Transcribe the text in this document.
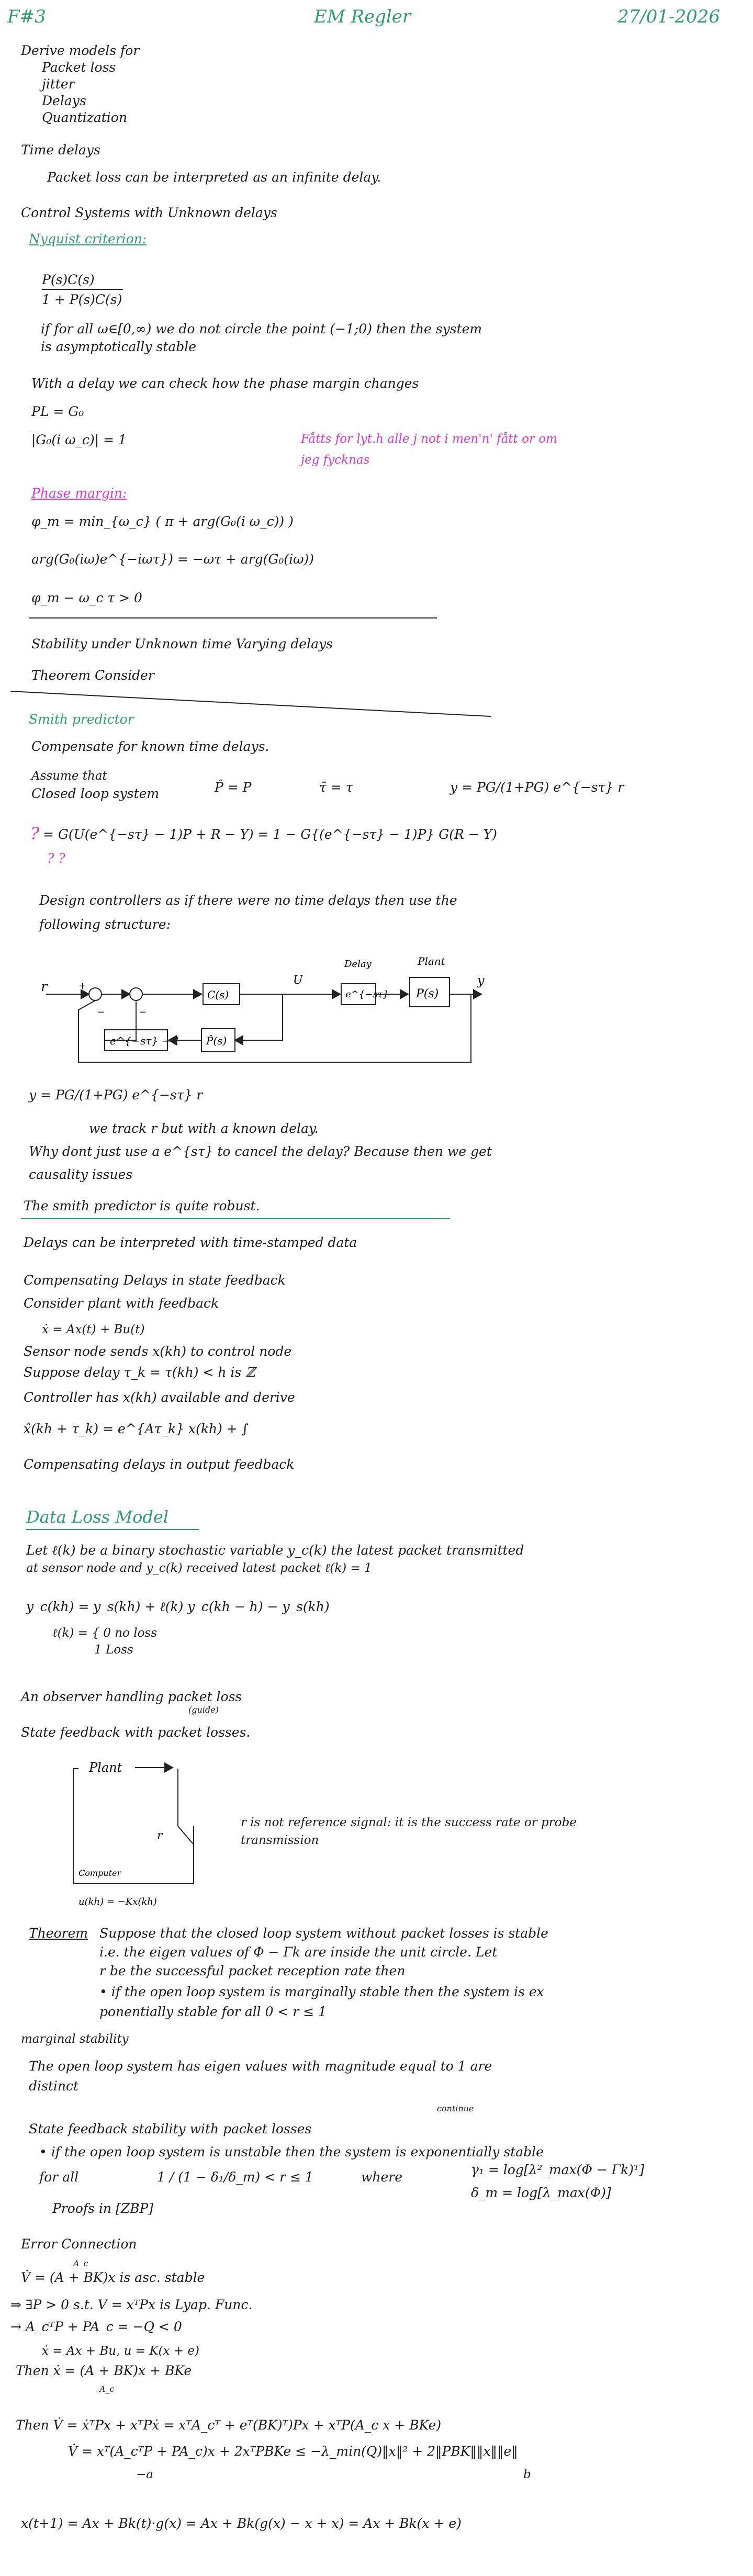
F#3	EM Regler	27/01-2026
Derive models for
Packet loss
jitter
Delays
Quantization
Time delays
Packet loss can be interpreted as an infinite delay.
Control Systems with Unknown delays
Nyquist criterion:
P(s)C(s)
1 + P(s)C(s)
if for all ω∈[0,∞) we do not circle the point (−1;0) then the system
is asymptotically stable
With a delay we can check how the phase margin changes
PL = G₀
|G₀(i ω_c)| = 1	Fåtts for lyt.h alle j not i men'n' fått or om
jeg fycknas
Phase margin:
φ_m = min_{ω_c} ( π + arg(G₀(i ω_c)) )
arg(G₀(iω)e^{−iωτ}) = −ωτ + arg(G₀(iω))
φ_m − ω_c τ > 0
Stability under Unknown time Varying delays
Theorem Consider
Smith predictor
Compensate for known time delays.
Assume that
Closed loop system	P̂ = P	τ̃ = τ	y = PG/(1+PG) e^{−sτ} r
? = G(U(e^{−sτ} − 1)P + R − Y) = 1 − G{(e^{−sτ} − 1)P} G(R − Y)
? ?
Design controllers as if there were no time delays then use the
following structure:
r	+
−	−
C(s)
U
Delay
e^{−sτ}
Plant
P(s)
y
e^{−sτ} − 1 P̂(s)
y = PG/(1+PG) e^{−sτ} r
we track r but with a known delay.
Why dont just use a e^{sτ} to cancel the delay? Because then we get
causality issues
The smith predictor is quite robust.
Delays can be interpreted with time-stamped data
Compensating Delays in state feedback
Consider plant with feedback
ẋ = Ax(t) + Bu(t)
Sensor node sends x(kh) to control node
Suppose delay τ_k = τ(kh) < h is ℤ
Controller has x(kh) available and derive
x̂(kh + τ_k) = e^{Aτ_k} x(kh) + ∫
Compensating delays in output feedback
Data Loss Model
Let ℓ(k) be a binary stochastic variable y_c(k) the latest packet transmitted
at sensor node and y_c(k) received latest packet ℓ(k) = 1
y_c(kh) = y_s(kh) + ℓ(k) y_c(kh − h) − y_s(kh)
ℓ(k) = { 0 no loss
1 Loss
An observer handling packet loss
State feedback with packet losses.
(guide)
Plant
r
Computer
u(kh) = −Kx(kh)
r is not reference signal: it is the success rate or probe
transmission
Theorem Suppose that the closed loop system without packet losses is stable
i.e. the eigen values of Φ − Γk are inside the unit circle. Let
r be the successful packet reception rate then
• if the open loop system is marginally stable then the system is ex
ponentially stable for all 0 < r ≤ 1
marginal stability
The open loop system has eigen values with magnitude equal to 1 are
distinct
State feedback stability with packet losses
continue
• if the open loop system is unstable then the system is exponentially stable
for all	1 / (1 − δ₁/δ_m) < r ≤ 1	where	γ₁ = log[λ²_max(Φ − Γk)ᵀ]
δ_m = log[λ_max(Φ)]
Proofs in [ZBP]
Error Connection
A_c
V̇ = (A + BK)x is asc. stable
⇒ ∃P > 0 s.t. V = xᵀPx is Lyap. Func.
→ A_cᵀP + PA_c = −Q < 0
ẋ = Ax + Bu, u = K(x + e)
Then ẋ = (A + BK)x + BKe
A_c
Then V̇ = ẋᵀPx + xᵀPẋ = xᵀA_cᵀ + eᵀ(BK)ᵀ)Px + xᵀP(A_c x + BKe)
V̇ = xᵀ(A_cᵀP + PA_c)x + 2xᵀPBKe ≤ −λ_min(Q)‖x‖² + 2‖PBK‖‖x‖‖e‖
−a	b
x(t+1) = Ax + Bk(t)·g(x) = Ax + Bk(g(x) − x + x) = Ax + Bk(x + e)
